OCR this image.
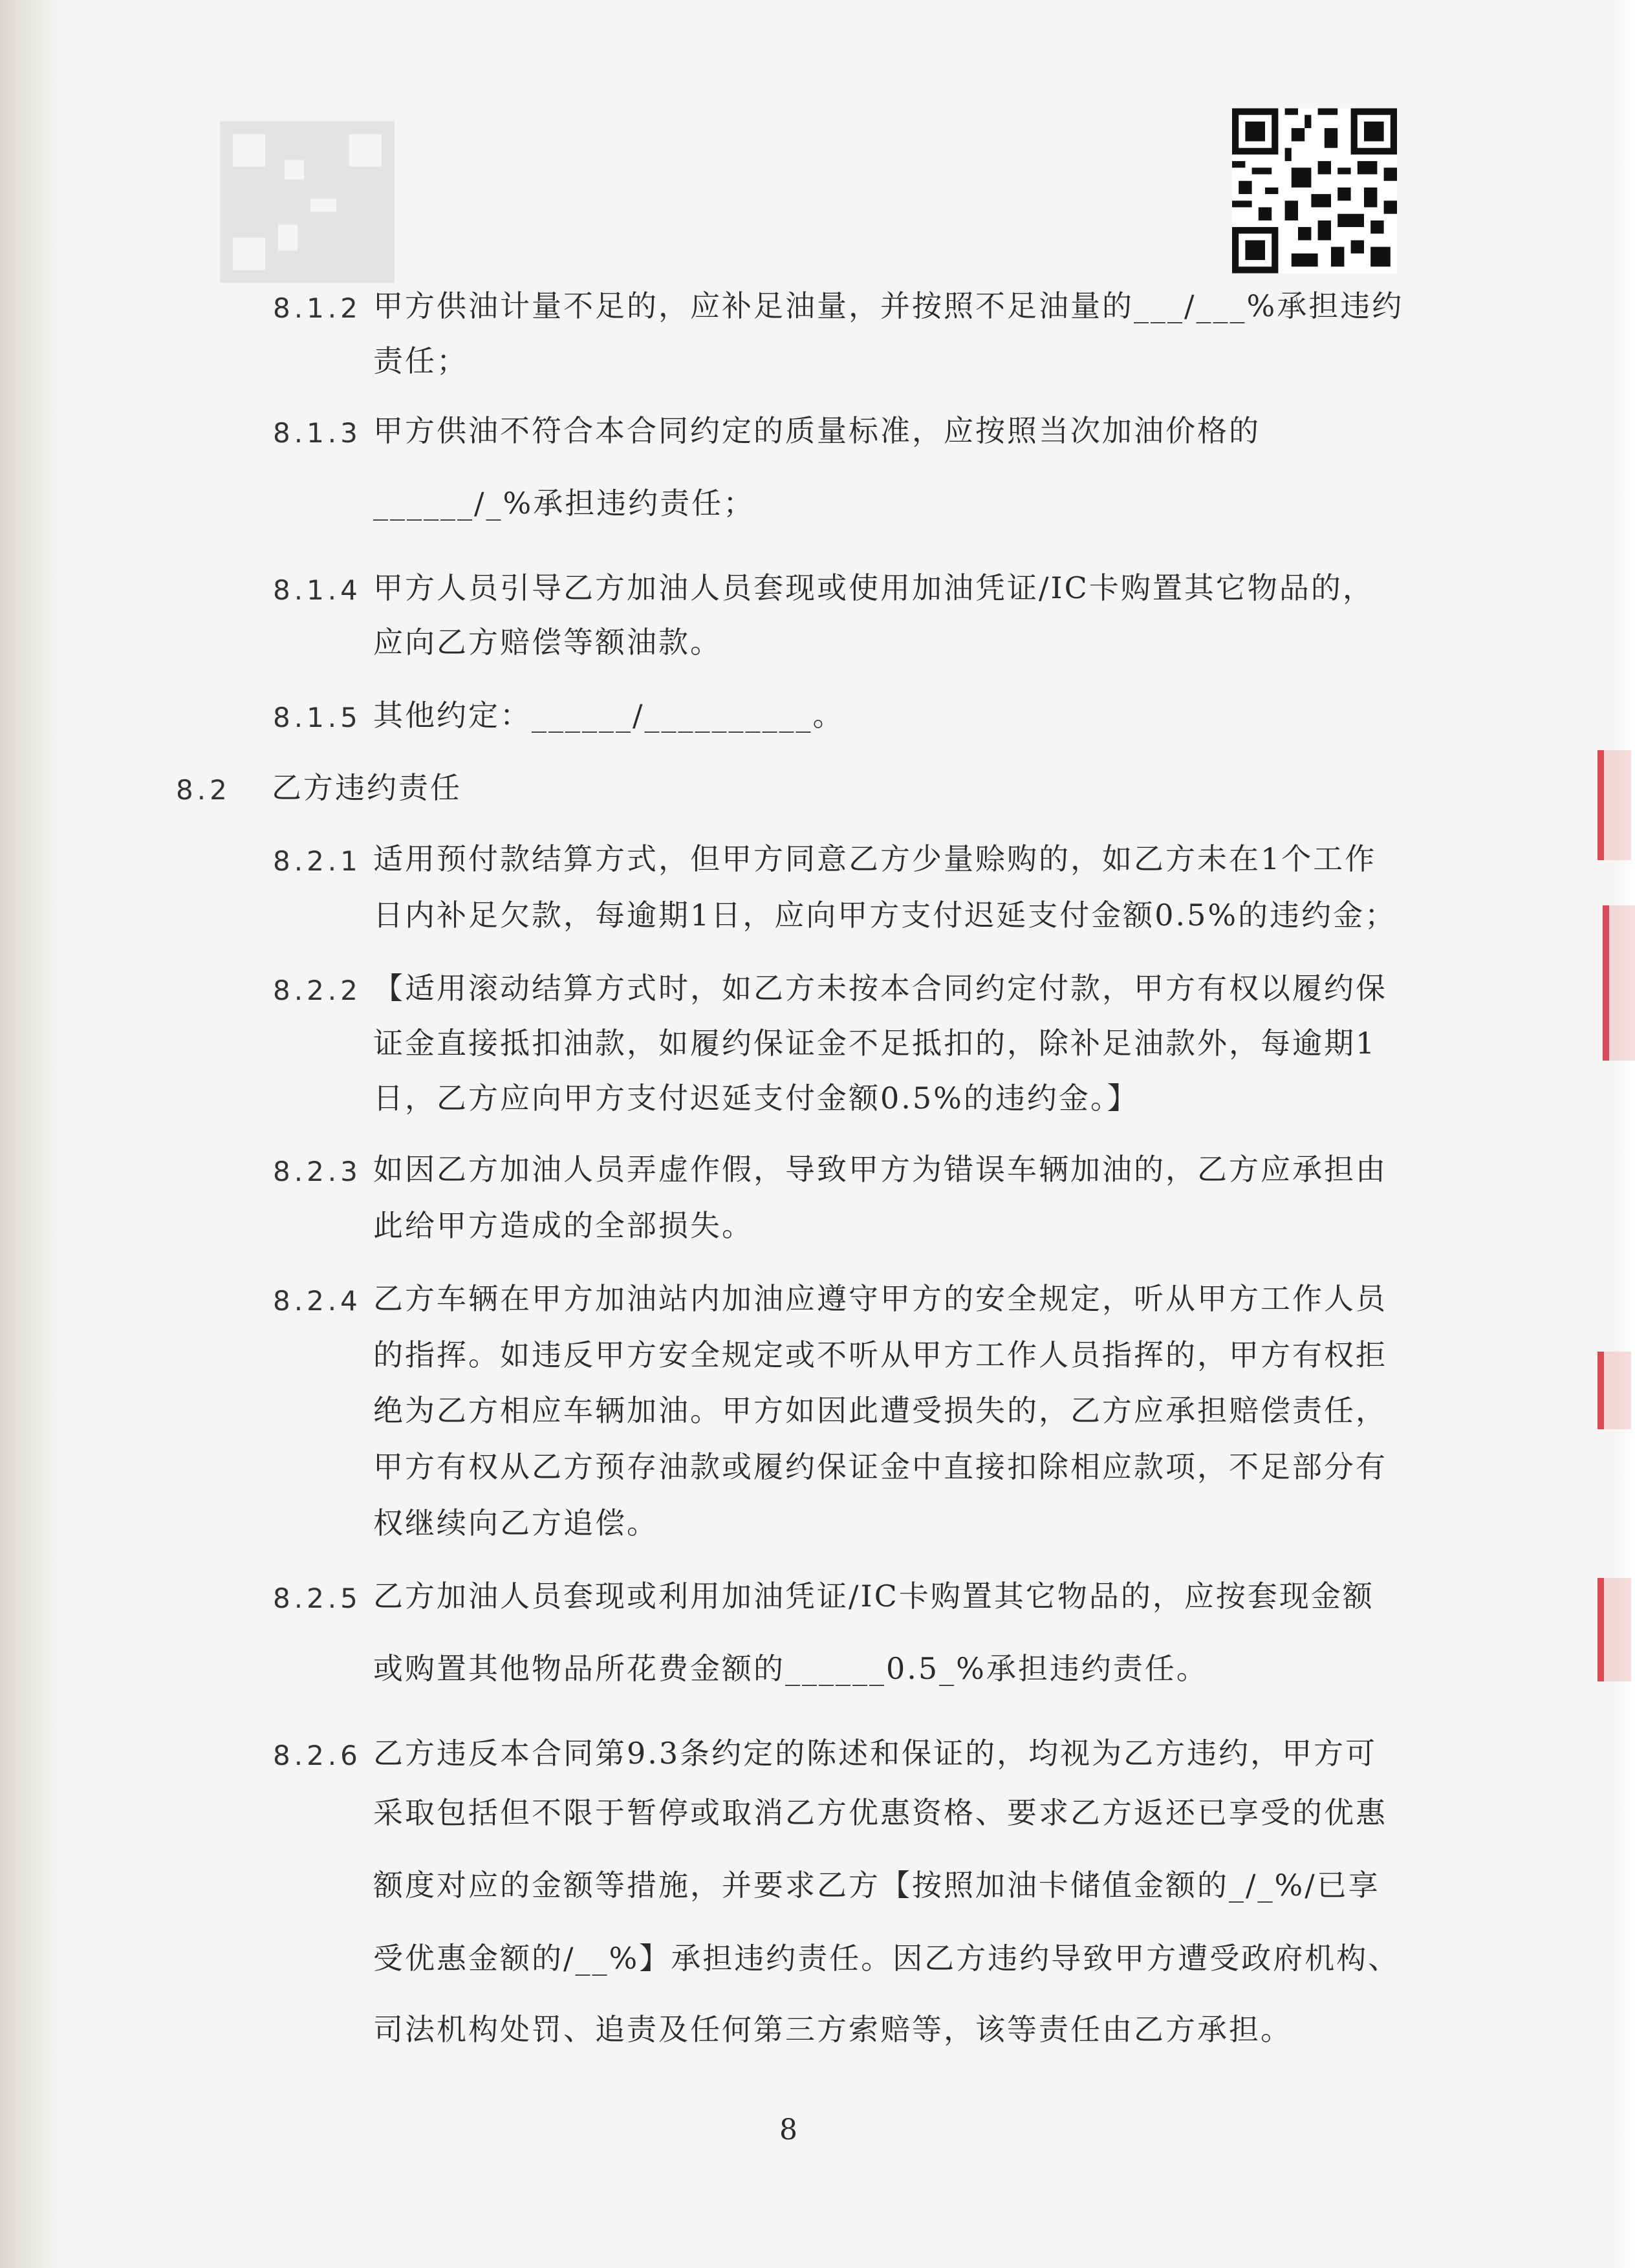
8.1.2 甲方供油计量不足的，应补足油量，并按照不足油量的___/___%承担违约
责任；
8.1.3 甲方供油不符合本合同约定的质量标准，应按照当次加油价格的
______/_%承担违约责任；
8.1.4 甲方人员引导乙方加油人员套现或使用加油凭证/IC卡购置其它物品的，
应向乙方赔偿等额油款。
8.1.5 其他约定：______/__________。
8.2 乙方违约责任
8.2.1 适用预付款结算方式，但甲方同意乙方少量赊购的，如乙方未在1个工作
日内补足欠款，每逾期1日，应向甲方支付迟延支付金额0.5%的违约金；
8.2.2 【适用滚动结算方式时，如乙方未按本合同约定付款，甲方有权以履约保
证金直接抵扣油款，如履约保证金不足抵扣的，除补足油款外，每逾期1
日，乙方应向甲方支付迟延支付金额0.5%的违约金。】
8.2.3 如因乙方加油人员弄虚作假，导致甲方为错误车辆加油的，乙方应承担由
此给甲方造成的全部损失。
8.2.4 乙方车辆在甲方加油站内加油应遵守甲方的安全规定，听从甲方工作人员
的指挥。如违反甲方安全规定或不听从甲方工作人员指挥的，甲方有权拒
绝为乙方相应车辆加油。甲方如因此遭受损失的，乙方应承担赔偿责任，
甲方有权从乙方预存油款或履约保证金中直接扣除相应款项，不足部分有
权继续向乙方追偿。
8.2.5 乙方加油人员套现或利用加油凭证/IC卡购置其它物品的，应按套现金额
或购置其他物品所花费金额的______0.5_%承担违约责任。
8.2.6 乙方违反本合同第9.3条约定的陈述和保证的，均视为乙方违约，甲方可
采取包括但不限于暂停或取消乙方优惠资格、要求乙方返还已享受的优惠
额度对应的金额等措施，并要求乙方【按照加油卡储值金额的_/_%/已享
受优惠金额的/__%】承担违约责任。因乙方违约导致甲方遭受政府机构、
司法机构处罚、追责及任何第三方索赔等，该等责任由乙方承担。
8
